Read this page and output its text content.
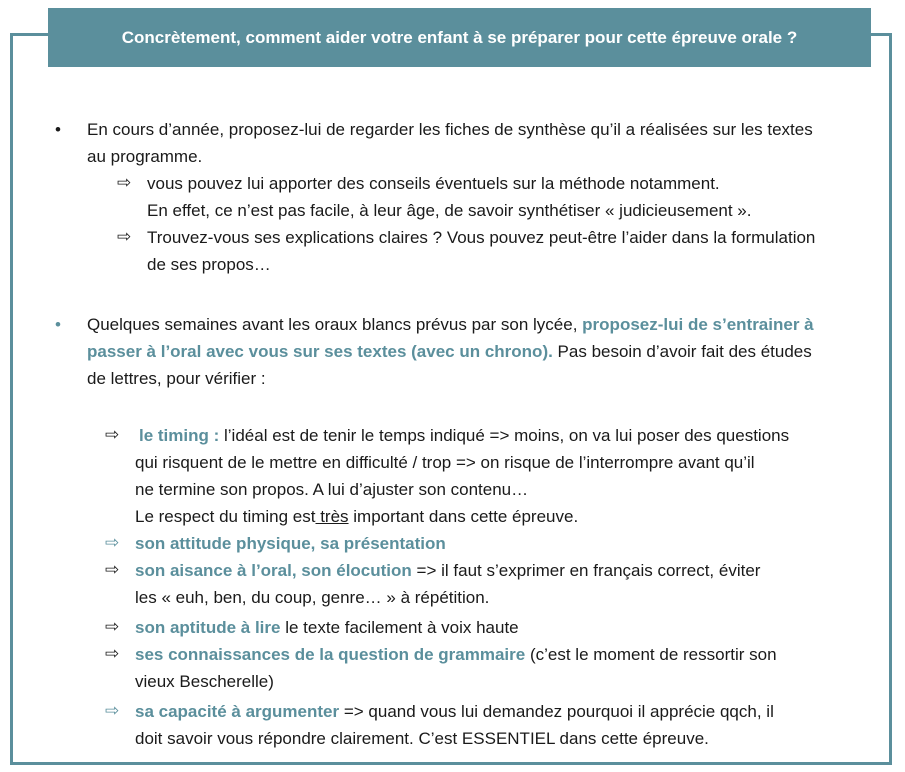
Concrètement, comment aider votre enfant à se préparer pour cette épreuve orale ?
• En cours d’année, proposez-lui de regarder les fiches de synthèse qu’il a réalisées sur les textes
au programme.
⇨ vous pouvez lui apporter des conseils éventuels sur la méthode notamment.
En effet, ce n’est pas facile, à leur âge, de savoir synthétiser « judicieusement ».
⇨ Trouvez-vous ses explications claires ? Vous pouvez peut-être l’aider dans la formulation
de ses propos…
• Quelques semaines avant les oraux blancs prévus par son lycée, proposez-lui de s’entrainer à
passer à l’oral avec vous sur ses textes (avec un chrono). Pas besoin d’avoir fait des études
de lettres, pour vérifier :
⇨ le timing : l’idéal est de tenir le temps indiqué => moins, on va lui poser des questions
qui risquent de le mettre en difficulté / trop => on risque de l’interrompre avant qu’il
ne termine son propos. A lui d’ajuster son contenu…
Le respect du timing est très important dans cette épreuve.
⇨ son attitude physique, sa présentation
⇨ son aisance à l’oral, son élocution => il faut s’exprimer en français correct, éviter
les « euh, ben, du coup, genre… » à répétition.
⇨ son aptitude à lire le texte facilement à voix haute
⇨ ses connaissances de la question de grammaire (c’est le moment de ressortir son
vieux Bescherelle)
⇨ sa capacité à argumenter => quand vous lui demandez pourquoi il apprécie qqch, il
doit savoir vous répondre clairement. C’est ESSENTIEL dans cette épreuve.
